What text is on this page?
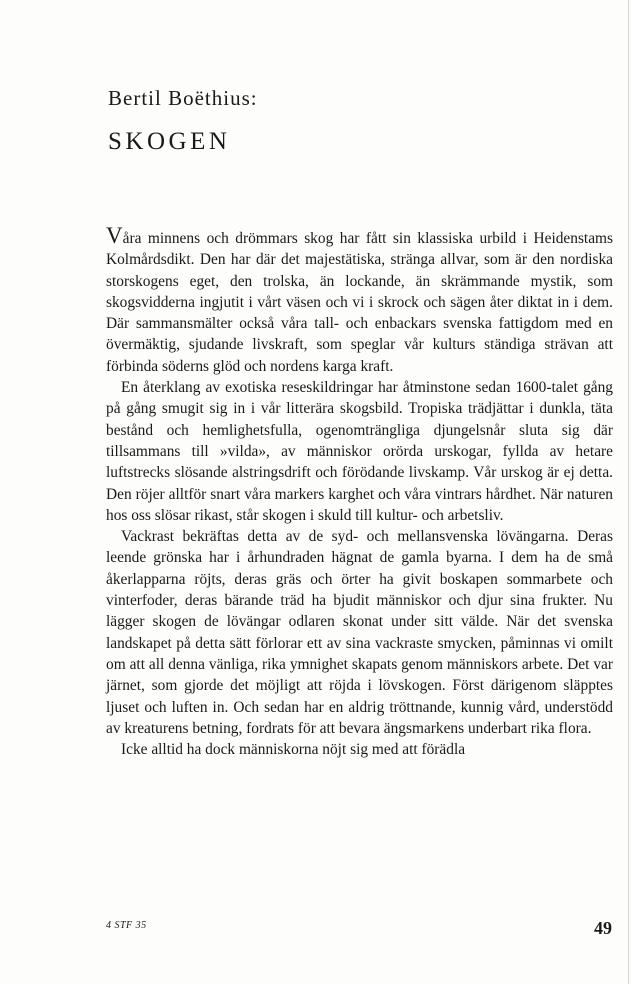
Bertil Boëthius:
SKOGEN

Våra minnens och drömmars skog har fått sin klassiska urbild i Heidenstams Kolmårdsdikt. Den har där det majestätiska, stränga allvar, som är den nordiska storskogens eget, den trolska, än lockande, än skrämmande mystik, som skogsvidderna ingjutit i vårt väsen och vi i skrock och sägen åter diktat in i dem. Där sammansmälter också våra tall- och enbackars svenska fattigdom med en övermäktig, sjudande livskraft, som speglar vår kulturs ständiga strävan att förbinda söderns glöd och nordens karga kraft.

En återklang av exotiska reseskildringar har åtminstone sedan 1600-talet gång på gång smugit sig in i vår litterära skogsbild. Tropiska trädjättar i dunkla, täta bestånd och hemlighetsfulla, ogenomträngliga djungelsnår sluta sig där tillsammans till »vilda», av människor orörda urskogar, fyllda av hetare luftstrecks slösande alstringsdrift och förödande livskamp. Vår urskog är ej detta. Den röjer alltför snart våra markers karghet och våra vintrars hårdhet. När naturen hos oss slösar rikast, står skogen i skuld till kultur- och arbetsliv.

Vackrast bekräftas detta av de syd- och mellansvenska lövängarna. Deras leende grönska har i århundraden hägnat de gamla byarna. I dem ha de små åkerlapparna röjts, deras gräs och örter ha givit boskapen sommarbete och vinterfoder, deras bärande träd ha bjudit människor och djur sina frukter. Nu lägger skogen de lövängar odlaren skonat under sitt välde. När det svenska landskapet på detta sätt förlorar ett av sina vackraste smycken, påminnas vi omilt om att all denna vänliga, rika ymnighet skapats genom människors arbete. Det var järnet, som gjorde det möjligt att röjda i lövskogen. Först därigenom släpptes ljuset och luften in. Och sedan har en aldrig tröttnande, kunnig vård, understödd av kreaturens betning, fordrats för att bevara ängsmarkens underbart rika flora.

Icke alltid ha dock människorna nöjt sig med att förädla

4 STF 35	49
